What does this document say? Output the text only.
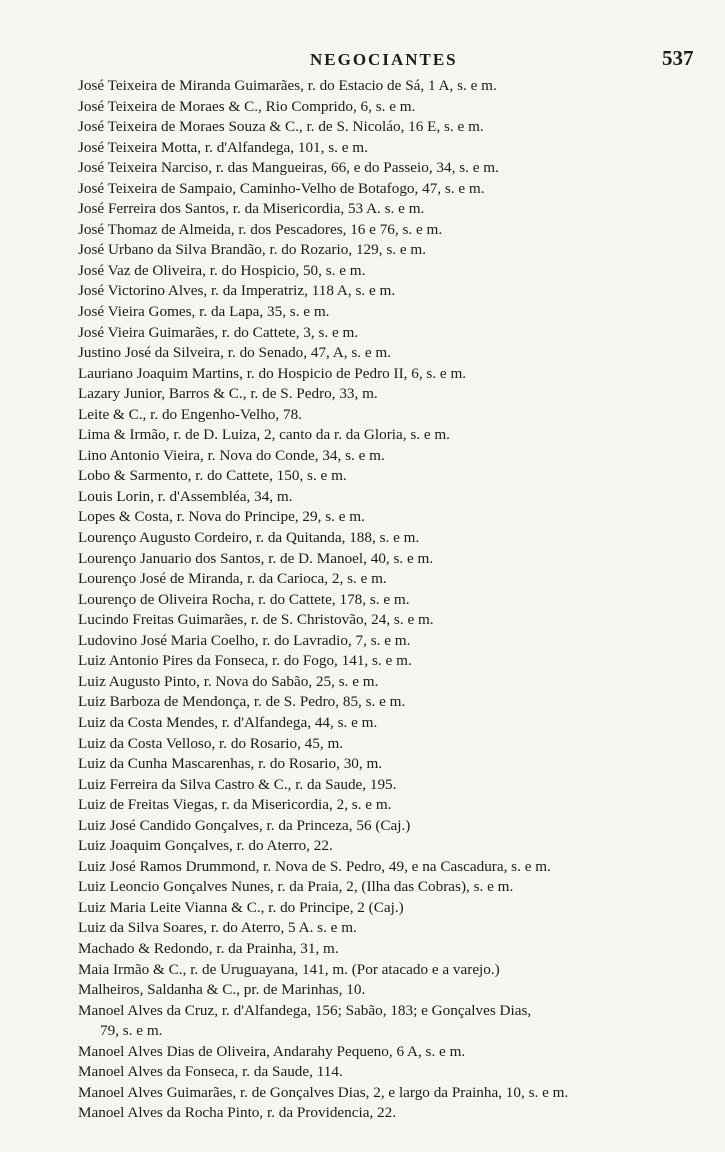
NEGOCIANTES	537
José Teixeira de Miranda Guimarães, r. do Estacio de Sá, 1 A, s. e m.
José Teixeira de Moraes & C., Rio Comprido, 6, s. e m.
José Teixeira de Moraes Souza & C., r. de S. Nicoláo, 16 E, s. e m.
José Teixeira Motta, r. d'Alfandega, 101, s. e m.
José Teixeira Narciso, r. das Mangueiras, 66, e do Passeio, 34, s. e m.
José Teixeira de Sampaio, Caminho-Velho de Botafogo, 47, s. e m.
José Ferreira dos Santos, r. da Misericordia, 53 A. s. e m.
José Thomaz de Almeida, r. dos Pescadores, 16 e 76, s. e m.
José Urbano da Silva Brandão, r. do Rozario, 129, s. e m.
José Vaz de Oliveira, r. do Hospicio, 50, s. e m.
José Victorino Alves, r. da Imperatriz, 118 A, s. e m.
José Vieira Gomes, r. da Lapa, 35, s. e m.
José Vieira Guimarães, r. do Cattete, 3, s. e m.
Justino José da Silveira, r. do Senado, 47, A, s. e m.
Lauriano Joaquim Martins, r. do Hospicio de Pedro II, 6, s. e m.
Lazary Junior, Barros & C., r. de S. Pedro, 33, m.
Leite & C., r. do Engenho-Velho, 78.
Lima & Irmão, r. de D. Luiza, 2, canto da r. da Gloria, s. e m.
Lino Antonio Vieira, r. Nova do Conde, 34, s. e m.
Lobo & Sarmento, r. do Cattete, 150, s. e m.
Louis Lorin, r. d'Assembléa, 34, m.
Lopes & Costa, r. Nova do Principe, 29, s. e m.
Lourenço Augusto Cordeiro, r. da Quitanda, 188, s. e m.
Lourenço Januario dos Santos, r. de D. Manoel, 40, s. e m.
Lourenço José de Miranda, r. da Carioca, 2, s. e m.
Lourenço de Oliveira Rocha, r. do Cattete, 178, s. e m.
Lucindo Freitas Guimarães, r. de S. Christovão, 24, s. e m.
Ludovino José Maria Coelho, r. do Lavradio, 7, s. e m.
Luiz Antonio Pires da Fonseca, r. do Fogo, 141, s. e m.
Luiz Augusto Pinto, r. Nova do Sabão, 25, s. e m.
Luiz Barboza de Mendonça, r. de S. Pedro, 85, s. e m.
Luiz da Costa Mendes, r. d'Alfandega, 44, s. e m.
Luiz da Costa Velloso, r. do Rosario, 45, m.
Luiz da Cunha Mascarenhas, r. do Rosario, 30, m.
Luiz Ferreira da Silva Castro & C., r. da Saude, 195.
Luiz de Freitas Viegas, r. da Misericordia, 2, s. e m.
Luiz José Candido Gonçalves, r. da Princeza, 56 (Caj.)
Luiz Joaquim Gonçalves, r. do Aterro, 22.
Luiz José Ramos Drummond, r. Nova de S. Pedro, 49, e na Cascadura, s. e m.
Luiz Leoncio Gonçalves Nunes, r. da Praia, 2, (Ilha das Cobras), s. e m.
Luiz Maria Leite Vianna & C., r. do Principe, 2 (Caj.)
Luiz da Silva Soares, r. do Aterro, 5 A. s. e m.
Machado & Redondo, r. da Prainha, 31, m.
Maia Irmão & C., r. de Uruguayana, 141, m. (Por atacado e a varejo.)
Malheiros, Saldanha & C., pr. de Marinhas, 10.
Manoel Alves da Cruz, r. d'Alfandega, 156; Sabão, 183; e Gonçalves Dias,
79, s. e m.
Manoel Alves Dias de Oliveira, Andarahy Pequeno, 6 A, s. e m.
Manoel Alves da Fonseca, r. da Saude, 114.
Manoel Alves Guimarães, r. de Gonçalves Dias, 2, e largo da Prainha, 10, s. e m.
Manoel Alves da Rocha Pinto, r. da Providencia, 22.
